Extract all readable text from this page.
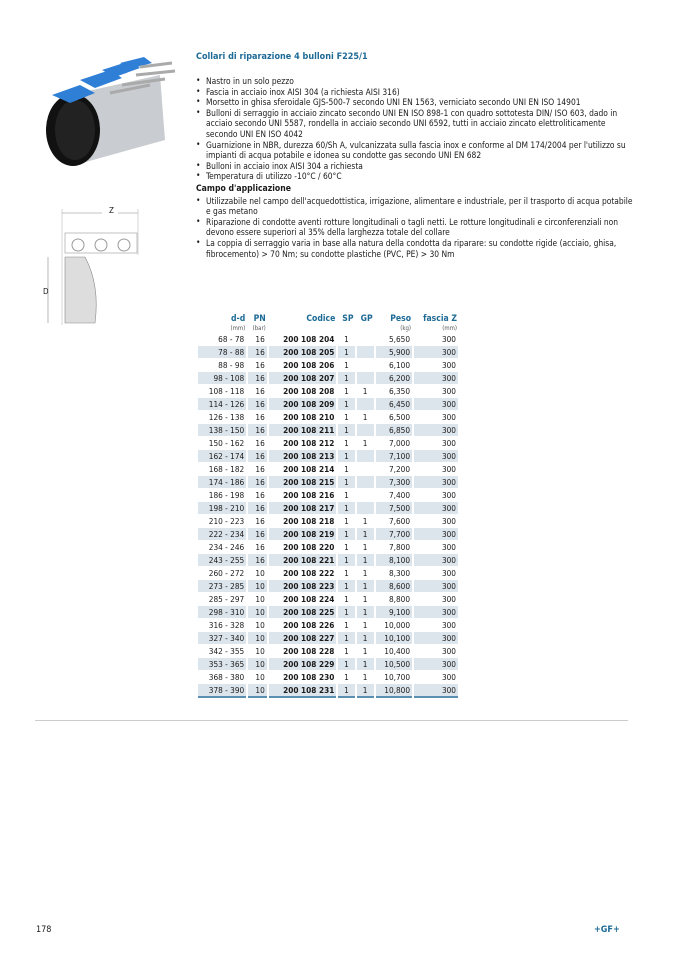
Z
D
Collari di riparazione 4 bulloni F225/1
• Nastro in un solo pezzo
• Fascia in acciaio inox AISI 304 (a richiesta AISI 316)
• Morsetto in ghisa sferoidale GJS-500-7 secondo UNI EN 1563, verniciato secondo UNI EN ISO 14901
• Bulloni di serraggio in acciaio zincato secondo UNI EN ISO 898-1 con quadro sottotesta DIN/ ISO 603, dado in acciaio secondo UNI 5587, rondella in acciaio secondo UNI 6592, tutti in acciaio zincato elettroliticamente secondo UNI EN ISO 4042
• Guarnizione in NBR, durezza 60/Sh A, vulcanizzata sulla fascia inox e conforme al DM 174/2004 per l'utilizzo su impianti di acqua potabile e idonea su condotte gas secondo UNI EN 682
• Bulloni in acciaio inox AISI 304 a richiesta
• Temperatura di utilizzo -10°C / 60°C
Campo d'applicazione
• Utilizzabile nel campo dell'acquedottistica, irrigazione, alimentare e industriale, per il trasporto di acqua potabile e gas metano
• Riparazione di condotte aventi rotture longitudinali o tagli netti. Le rotture longitudinali e circonferenziali non devono essere superiori al 35% della larghezza totale del collare
• La coppia di serraggio varia in base alla natura della condotta da riparare: su condotte rigide (acciaio, ghisa, fibrocemento) > 70 Nm; su condotte plastiche (PVC, PE) > 30 Nm
d-d	PN	Codice	SP	GP	Peso	fascia Z
(mm)	(bar)				(kg)	(mm)
68 - 78	16	200 108 204	1		5,650	300
78 - 88	16	200 108 205	1		5,900	300
88 - 98	16	200 108 206	1		6,100	300
98 - 108	16	200 108 207	1		6,200	300
108 - 118	16	200 108 208	1	1	6,350	300
114 - 126	16	200 108 209	1		6,450	300
126 - 138	16	200 108 210	1	1	6,500	300
138 - 150	16	200 108 211	1		6,850	300
150 - 162	16	200 108 212	1	1	7,000	300
162 - 174	16	200 108 213	1		7,100	300
168 - 182	16	200 108 214	1		7,200	300
174 - 186	16	200 108 215	1		7,300	300
186 - 198	16	200 108 216	1		7,400	300
198 - 210	16	200 108 217	1		7,500	300
210 - 223	16	200 108 218	1	1	7,600	300
222 - 234	16	200 108 219	1	1	7,700	300
234 - 246	16	200 108 220	1	1	7,800	300
243 - 255	16	200 108 221	1	1	8,100	300
260 - 272	10	200 108 222	1	1	8,300	300
273 - 285	10	200 108 223	1	1	8,600	300
285 - 297	10	200 108 224	1	1	8,800	300
298 - 310	10	200 108 225	1	1	9,100	300
316 - 328	10	200 108 226	1	1	10,000	300
327 - 340	10	200 108 227	1	1	10,100	300
342 - 355	10	200 108 228	1	1	10,400	300
353 - 365	10	200 108 229	1	1	10,500	300
368 - 380	10	200 108 230	1	1	10,700	300
378 - 390	10	200 108 231	1	1	10,800	300
178	+GF+
